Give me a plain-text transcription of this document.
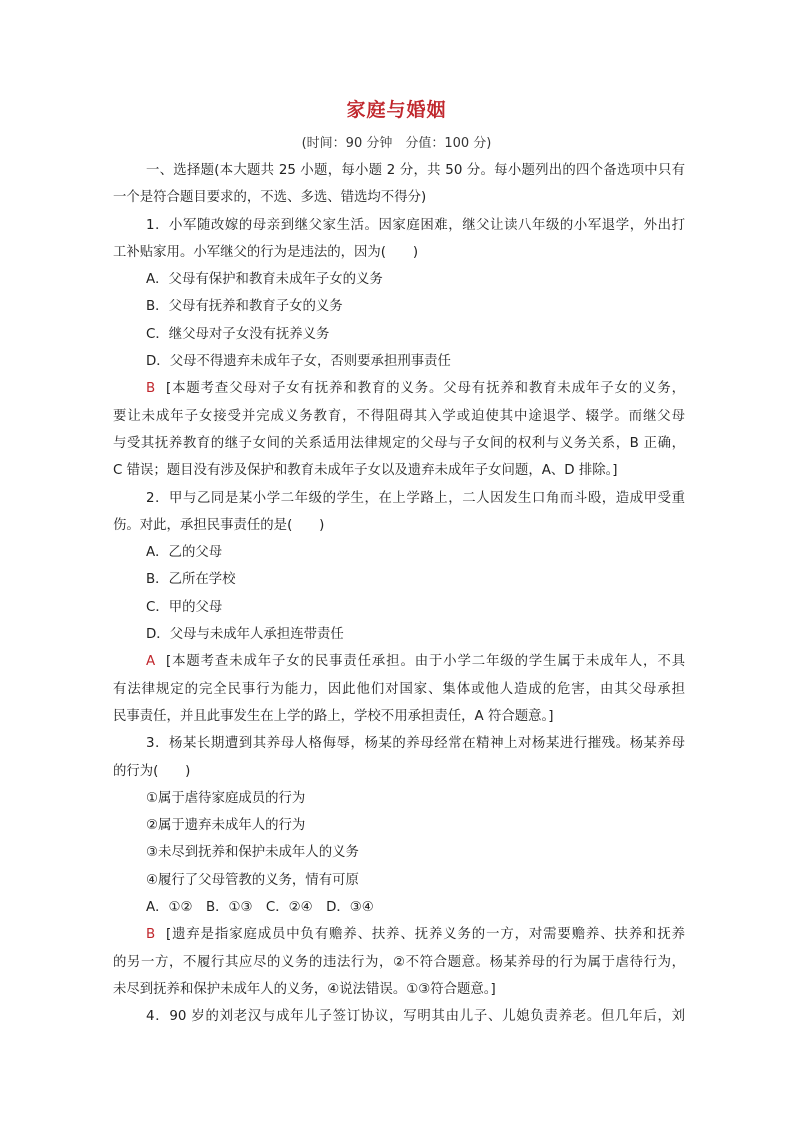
家庭与婚姻
(时间：90 分钟　分值：100 分)
一、选择题(本大题共 25 小题，每小题 2 分，共 50 分。每小题列出的四个备选项中只有
一个是符合题目要求的，不选、多选、错选均不得分)
1．小军随改嫁的母亲到继父家生活。因家庭困难，继父让读八年级的小军退学，外出打
工补贴家用。小军继父的行为是违法的，因为(　　)
A．父母有保护和教育未成年子女的义务
B．父母有抚养和教育子女的义务
C．继父母对子女没有抚养义务
D．父母不得遗弃未成年子女，否则要承担刑事责任
B [本题考查父母对子女有抚养和教育的义务。父母有抚养和教育未成年子女的义务，
要让未成年子女接受并完成义务教育，不得阻碍其入学或迫使其中途退学、辍学。而继父母
与受其抚养教育的继子女间的关系适用法律规定的父母与子女间的权利与义务关系，B 正确，
C 错误；题目没有涉及保护和教育未成年子女以及遗弃未成年子女问题，A、D 排除。]
2．甲与乙同是某小学二年级的学生，在上学路上，二人因发生口角而斗殴，造成甲受重
伤。对此，承担民事责任的是(　　)
A．乙的父母
B．乙所在学校
C．甲的父母
D．父母与未成年人承担连带责任
A [本题考查未成年子女的民事责任承担。由于小学二年级的学生属于未成年人，不具
有法律规定的完全民事行为能力，因此他们对国家、集体或他人造成的危害，由其父母承担
民事责任，并且此事发生在上学的路上，学校不用承担责任，A 符合题意。]
3．杨某长期遭到其养母人格侮辱，杨某的养母经常在精神上对杨某进行摧残。杨某养母
的行为(　　)
①属于虐待家庭成员的行为
②属于遗弃未成年人的行为
③未尽到抚养和保护未成年人的义务
④履行了父母管教的义务，情有可原
A．①②　B．①③　C．②④　D．③④
B [遗弃是指家庭成员中负有赡养、扶养、抚养义务的一方，对需要赡养、扶养和抚养
的另一方，不履行其应尽的义务的违法行为，②不符合题意。杨某养母的行为属于虐待行为，
未尽到抚养和保护未成年人的义务，④说法错误。①③符合题意。]
4．90 岁的刘老汉与成年儿子签订协议，写明其由儿子、儿媳负责养老。但几年后，刘
